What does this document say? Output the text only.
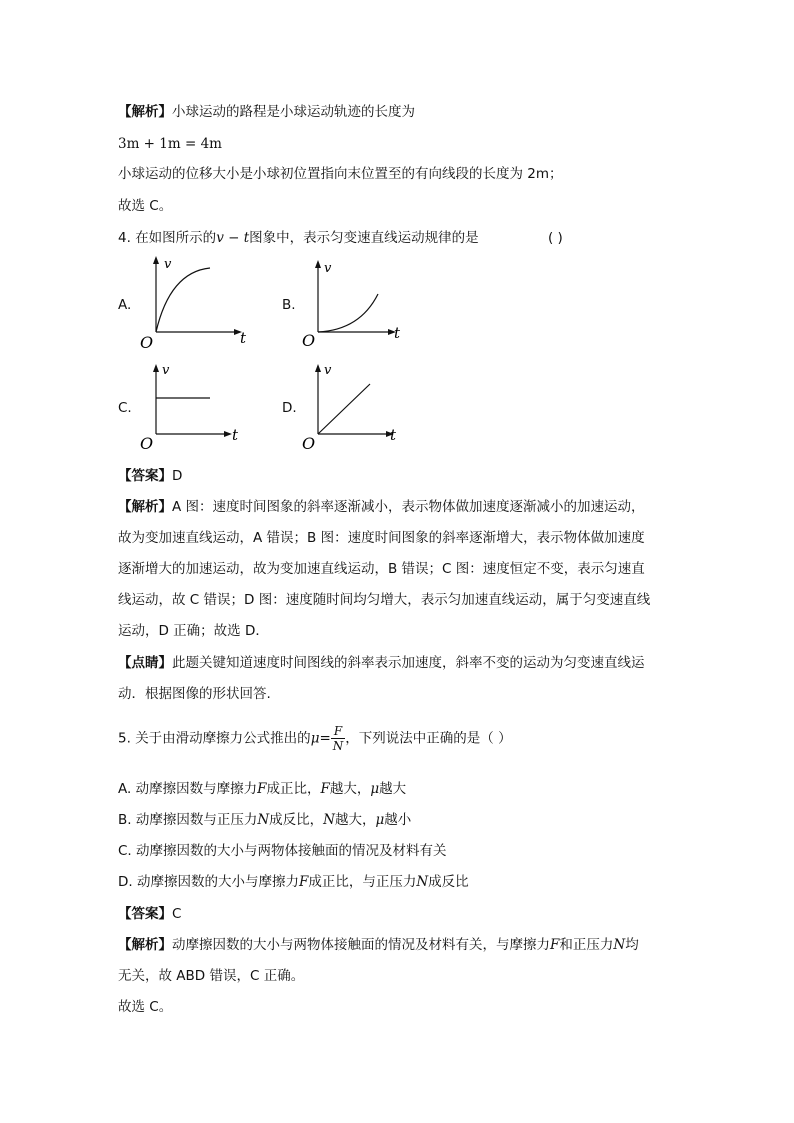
【解析】小球运动的路程是小球运动轨迹的长度为
3m + 1m = 4m
小球运动的位移大小是小球初位置指向末位置至的有向线段的长度为 2m；
故选 C。
4. 在如图所示的v − t图象中，表示匀变速直线运动规律的是	( )
A.	B.
C.	D.
v
t
O
v
t
O
v
t
O
v
t
O
【答案】D
【解析】A 图：速度时间图象的斜率逐渐减小，表示物体做加速度逐渐减小的加速运动，
故为变加速直线运动，A 错误；B 图：速度时间图象的斜率逐渐增大，表示物体做加速度
逐渐增大的加速运动，故为变加速直线运动，B 错误；C 图：速度恒定不变，表示匀速直
线运动，故 C 错误；D 图：速度随时间均匀增大，表示匀加速直线运动，属于匀变速直线
运动，D 正确；故选 D．
【点睛】此题关键知道速度时间图线的斜率表示加速度，斜率不变的运动为匀变速直线运
动．根据图像的形状回答.
5. 关于由滑动摩擦力公式推出的$\mu= \frac{F}{N}$ ，下列说法中正确的是（ ）
A. 动摩擦因数与摩擦力F成正比，F越大，μ越大
B. 动摩擦因数与正压力N成反比，N越大，μ越小
C. 动摩擦因数的大小与两物体接触面的情况及材料有关
D. 动摩擦因数的大小与摩擦力F成正比，与正压力N成反比
【答案】C
【解析】动摩擦因数的大小与两物体接触面的情况及材料有关，与摩擦力F和正压力N均
无关，故 ABD 错误，C 正确。
故选 C。
